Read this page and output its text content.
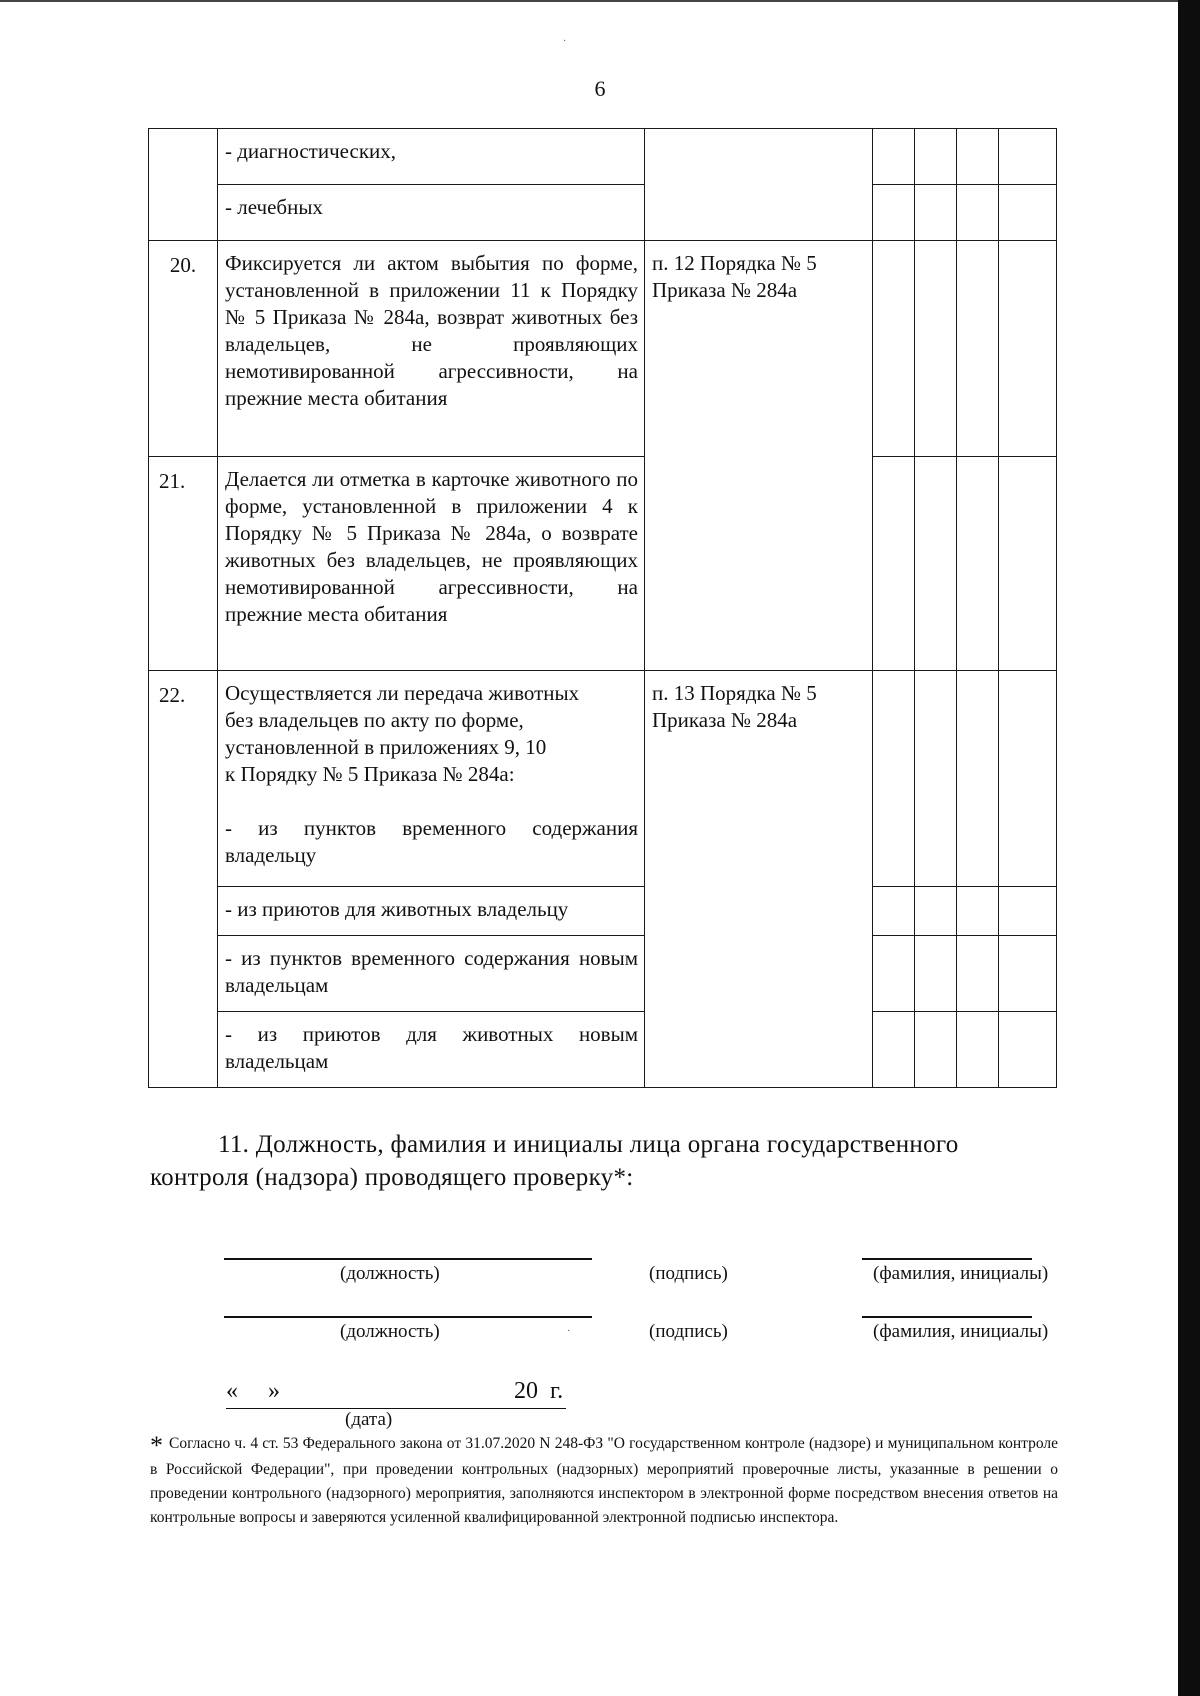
·
6

	- диагностических,					

	- лечебных					

20.	Фиксируется ли актом выбытия по форме, установленной в приложении 11 к Порядку № 5 Приказа № 284а, возврат животных без владельцев, не проявляющих немотивированной агрессивности, на прежние места обитания	п. 12 Порядка № 5 Приказа № 284а				
21.	Делается ли отметка в карточке животного по форме, установленной в приложении 4 к Порядку № 5 Приказа № 284а, о возврате животных без владельцев, не проявляющих немотивированной агрессивности, на прежние места обитания					
22.	Осуществляется ли передача животных
без владельцев по акту по форме,
установленной в приложениях 9, 10
к Порядку № 5 Приказа № 284а:
- из пунктов временного содержания владельцу	п. 13 Порядка № 5 Приказа № 284а				
	- из приютов для животных владельцу					
	- из пунктов временного содержания новым владельцам					
	- из приютов для животных новым владельцам					
11. Должность, фамилия и инициалы лица органа государственного контроля (надзора) проводящего проверку*:
(должность)	(подпись)	(фамилия, инициалы)
(должность)	(подпись)	(фамилия, инициалы)
·
« »	20  г.
(дата)
* Согласно ч. 4 ст. 53 Федерального закона от 31.07.2020 N 248-ФЗ "О государственном контроле (надзоре) и муниципальном контроле в Российской Федерации", при проведении контрольных (надзорных) мероприятий проверочные листы, указанные в решении о проведении контрольного (надзорного) мероприятия, заполняются инспектором в электронной форме посредством внесения ответов на контрольные вопросы и заверяются усиленной квалифицированной электронной подписью инспектора.
